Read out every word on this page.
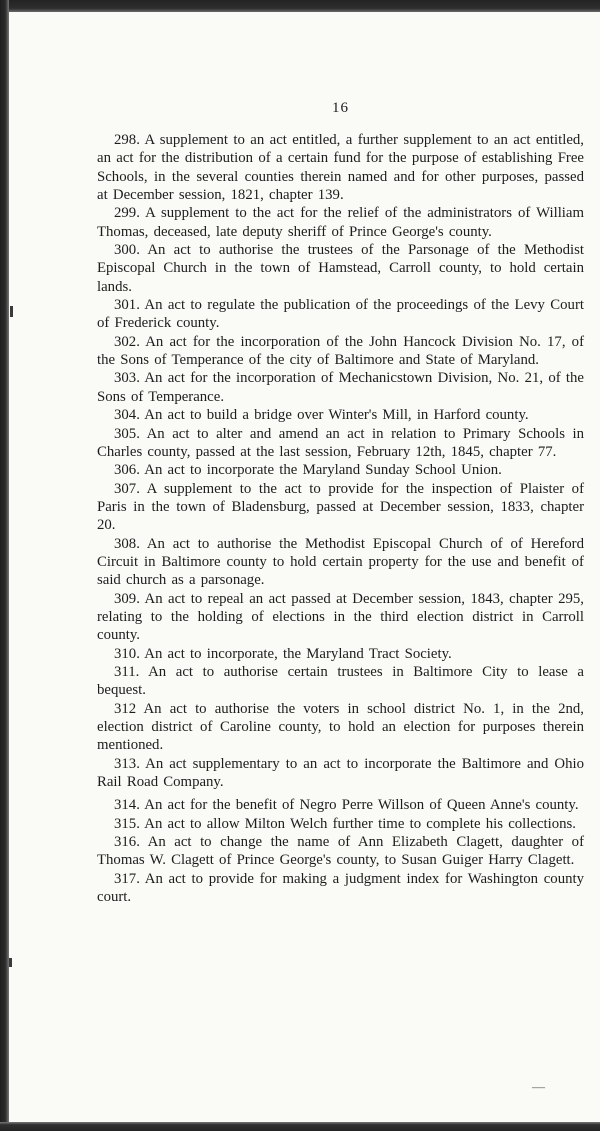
—
16

298. A supplement to an act entitled, a further supplement to an act entitled, an act for the distribution of a certain fund for the purpose of establishing Free Schools, in the several counties therein named and for other purposes, passed at December session, 1821, chapter 139.

299. A supplement to the act for the relief of the administrators of William Thomas, deceased, late deputy sheriff of Prince George's county.

300. An act to authorise the trustees of the Parsonage of the Methodist Episcopal Church in the town of Hamstead, Carroll county, to hold certain lands.

301. An act to regulate the publication of the proceedings of the Levy Court of Frederick county.

302. An act for the incorporation of the John Hancock Division No. 17, of the Sons of Temperance of the city of Baltimore and State of Maryland.

303. An act for the incorporation of Mechanicstown Division, No. 21, of the Sons of Temperance.

304. An act to build a bridge over Winter's Mill, in Harford county.

305. An act to alter and amend an act in relation to Primary Schools in Charles county, passed at the last session, February 12th, 1845, chapter 77.

306. An act to incorporate the Maryland Sunday School Union.

307. A supplement to the act to provide for the inspection of Plaister of Paris in the town of Bladensburg, passed at December session, 1833, chapter 20.

308. An act to authorise the Methodist Episcopal Church of of Hereford Circuit in Baltimore county to hold certain property for the use and benefit of said church as a parsonage.

309. An act to repeal an act passed at December session, 1843, chapter 295, relating to the holding of elections in the third election district in Carroll county.

310. An act to incorporate, the Maryland Tract Society.

311. An act to authorise certain trustees in Baltimore City to lease a bequest.

312 An act to authorise the voters in school district No. 1, in the 2nd, election district of Caroline county, to hold an election for purposes therein mentioned.

313. An act supplementary to an act to incorporate the Baltimore and Ohio Rail Road Company.

314. An act for the benefit of Negro Perre Willson of Queen Anne's county.

315. An act to allow Milton Welch further time to complete his collections.

316. An act to change the name of Ann Elizabeth Clagett, daughter of Thomas W. Clagett of Prince George's county, to Susan Guiger Harry Clagett.

317. An act to provide for making a judgment index for Washington county court.
